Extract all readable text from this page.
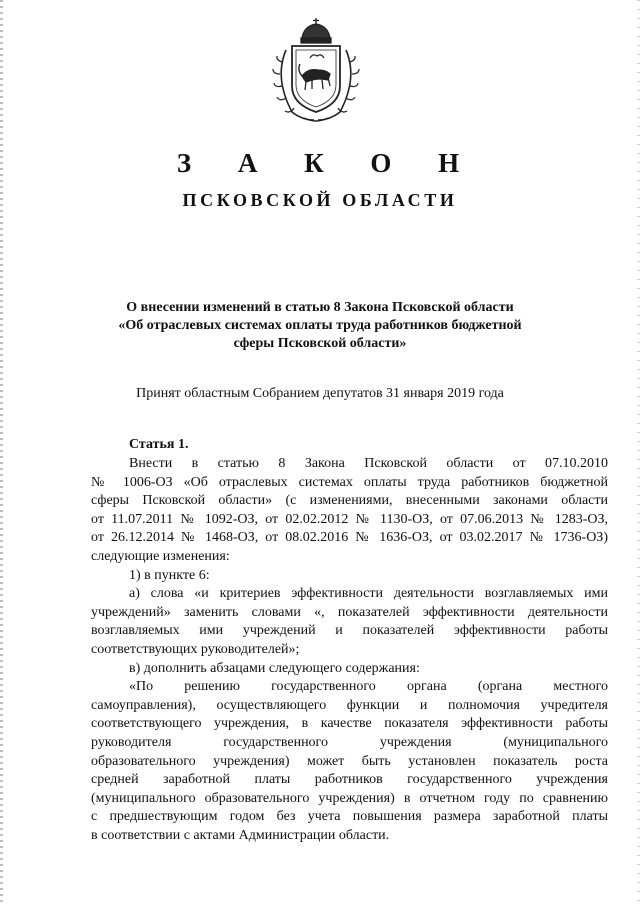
З А К О Н
ПСКОВСКОЙ ОБЛАСТИ
О внесении изменений в статью 8 Закона Псковской области
«Об отраслевых системах оплаты труда работников бюджетной
сферы Псковской области»
Принят областным Собранием депутатов 31 января 2019 года
Статья 1.

Внести в статью 8 Закона Псковской области от 07.10.2010

№ 1006-ОЗ «Об отраслевых системах оплаты труда работников бюджетной

сферы Псковской области» (с изменениями, внесенными законами области

от 11.07.2011 № 1092-ОЗ, от 02.02.2012 № 1130-ОЗ, от 07.06.2013 № 1283-ОЗ,

от 26.12.2014 № 1468-ОЗ, от 08.02.2016 № 1636-ОЗ, от 03.02.2017 № 1736-ОЗ)

следующие изменения:

1) в пункте 6:

а) слова «и критериев эффективности деятельности возглавляемых ими

учреждений» заменить словами «, показателей эффективности деятельности

возглавляемых ими учреждений и показателей эффективности работы

соответствующих руководителей»;

в) дополнить абзацами следующего содержания:

«По решению государственного органа (органа местного

самоуправления), осуществляющего функции и полномочия учредителя

соответствующего учреждения, в качестве показателя эффективности работы

руководителя государственного учреждения (муниципального

образовательного учреждения) может быть установлен показатель роста

средней заработной платы работников государственного учреждения

(муниципального образовательного учреждения) в отчетном году по сравнению

с предшествующим годом без учета повышения размера заработной платы

в соответствии с актами Администрации области.
